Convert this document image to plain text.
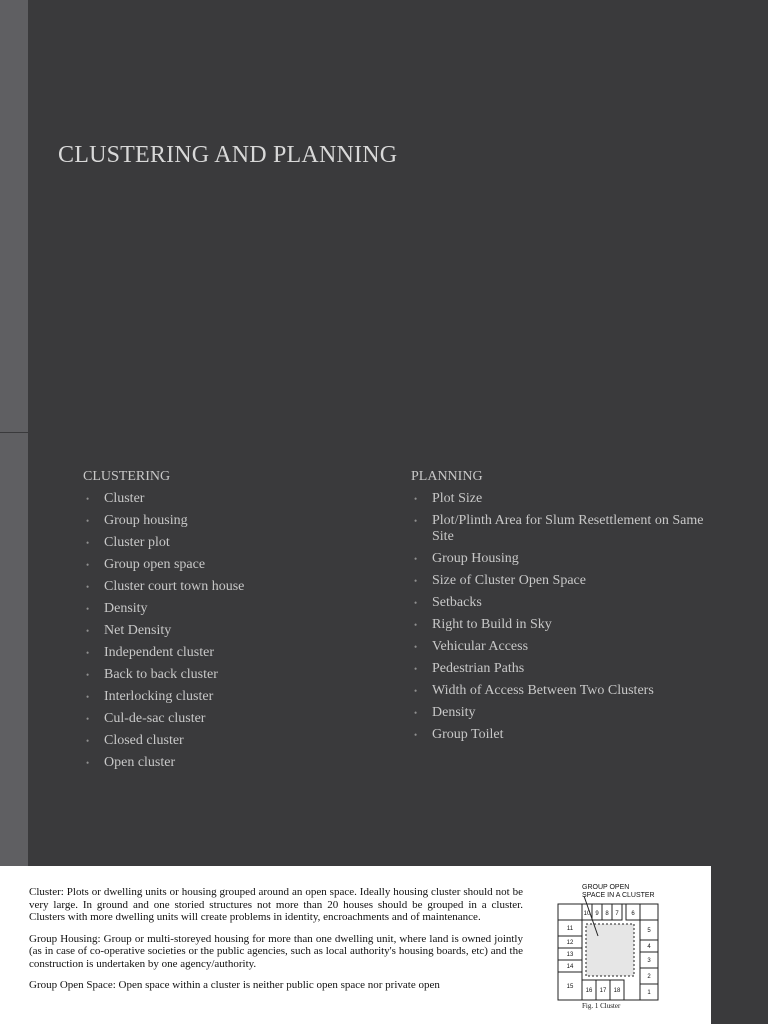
CLUSTERING AND PLANNING
CLUSTERING
• Cluster
• Group housing
• Cluster plot
• Group open space
• Cluster court town house
• Density
• Net Density
• Independent cluster
• Back to back cluster
• Interlocking cluster
• Cul-de-sac cluster
• Closed cluster
• Open cluster
PLANNING
• Plot Size
• Plot/Plinth Area for Slum Resettlement on Same Site
• Group Housing
• Size of Cluster Open Space
• Setbacks
• Right to Build in Sky
• Vehicular Access
• Pedestrian Paths
• Width of Access Between Two Clusters
• Density
• Group Toilet

Cluster: Plots or dwelling units or housing grouped around an open space. Ideally housing cluster should not be very large. In ground and one storied structures not more than 20 houses should be grouped in a cluster. Clusters with more dwelling units will create problems in identity, encroachments and of maintenance.

Group Housing: Group or multi-storeyed housing for more than one dwelling unit, where land is owned jointly (as in case of co-operative societies or the public agencies, such as local authority's housing boards, etc) and the construction is undertaken by one agency/authority.

Group Open Space: Open space within a cluster is neither public open space nor private open

GROUP OPEN
SPACE IN A CLUSTER
10 9 8 7 6
5
4
3
2
1
11
12
13
14
15
16 17 18
Fig. 1 Cluster
